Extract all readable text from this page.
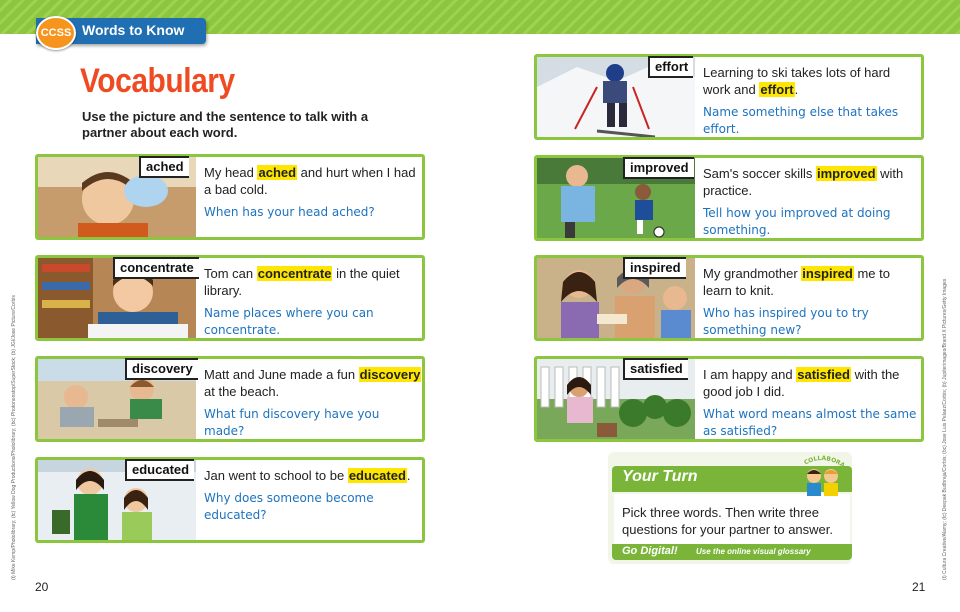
CCSS Words to Know
Vocabulary
Use the picture and the sentence to talk with a partner about each word.
ached	My head ached and hurt when I had a bad cold.
When has your head ached?
concentrate Tom can concentrate in the quiet library.
Name places where you can concentrate.
discovery Matt and June made a fun discovery at the beach.
What fun discovery have you made?
educated	Jan went to school to be educated.
Why does someone become educated?
effort	Learning to ski takes lots of hard work and effort.
Name something else that takes effort.
improved	Sam's soccer skills improved with practice.
Tell how you improved at doing something.
inspired	My grandmother inspired me to learn to knit.
Who has inspired you to try something new?
satisfied	I am happy and satisfied with the good job I did.
What word means almost the same as satisfied?
Your Turn
Pick three words. Then write three questions for your partner to answer.
Go Digital! Use the online visual glossary
COLLABORA
20	21
(t) Mike Kemp/Photolibrary; (tc) Yellow Dog Productions/Photolibrary; (bc) Photononstop/SuperStock; (b) JGI/Jose Picture/Corbis	(t) Cultura Creative/Alamy; (tc) Deepak Budhraja/Corbis; (bc) Jose Luis Pelaez/Corbis; (b) Jupiterimages/Brand X Pictures/Getty Images
